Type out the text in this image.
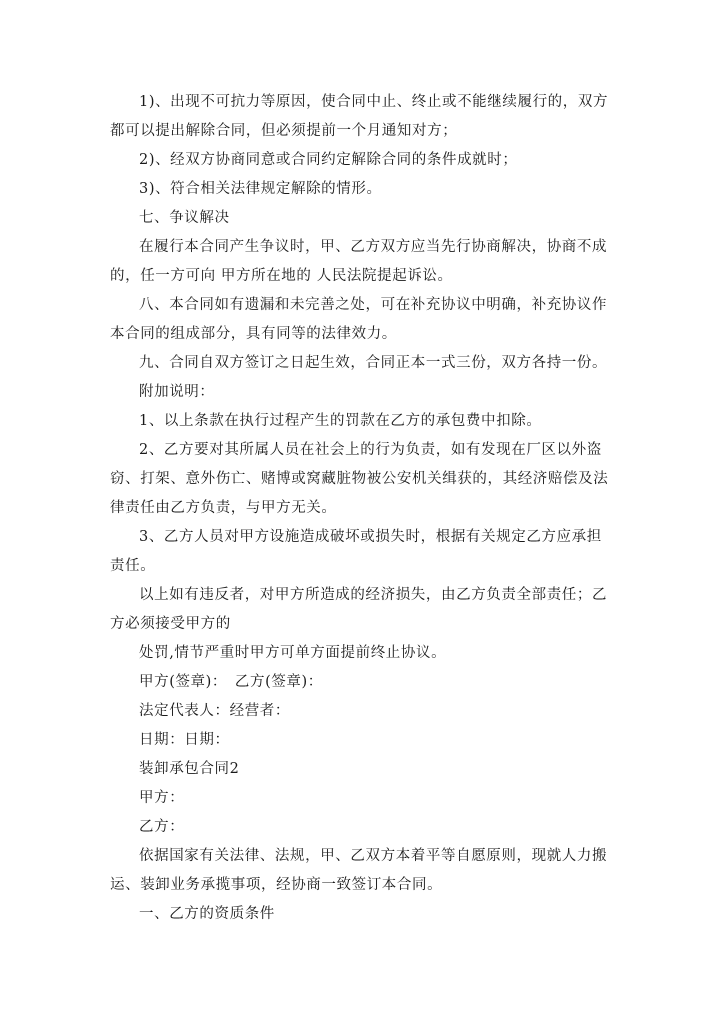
1)、出现不可抗力等原因，使合同中止、终止或不能继续履行的，双方都可以提出解除合同，但必须提前一个月通知对方；

2)、经双方协商同意或合同约定解除合同的条件成就时；

3)、符合相关法律规定解除的情形。

七、争议解决

在履行本合同产生争议时，甲、乙方双方应当先行协商解决，协商不成的，任一方可向 甲方所在地的 人民法院提起诉讼。

八、本合同如有遗漏和未完善之处，可在补充协议中明确，补充协议作本合同的组成部分，具有同等的法律效力。

九、合同自双方签订之日起生效，合同正本一式三份，双方各持一份。

附加说明：

1、以上条款在执行过程产生的罚款在乙方的承包费中扣除。

2、乙方要对其所属人员在社会上的行为负责，如有发现在厂区以外盗窃、打架、意外伤亡、赌博或窝藏脏物被公安机关缉获的，其经济赔偿及法律责任由乙方负责，与甲方无关。

3、乙方人员对甲方设施造成破坏或损失时，根据有关规定乙方应承担责任。

以上如有违反者，对甲方所造成的经济损失，由乙方负责全部责任；乙方必须接受甲方的

处罚,情节严重时甲方可单方面提前终止协议。

甲方(签章)：　乙方(签章)：

法定代表人：经营者：

日期：日期：

装卸承包合同2

甲方：

乙方：

依据国家有关法律、法规，甲、乙双方本着平等自愿原则，现就人力搬运、装卸业务承揽事项，经协商一致签订本合同。

一、乙方的资质条件
